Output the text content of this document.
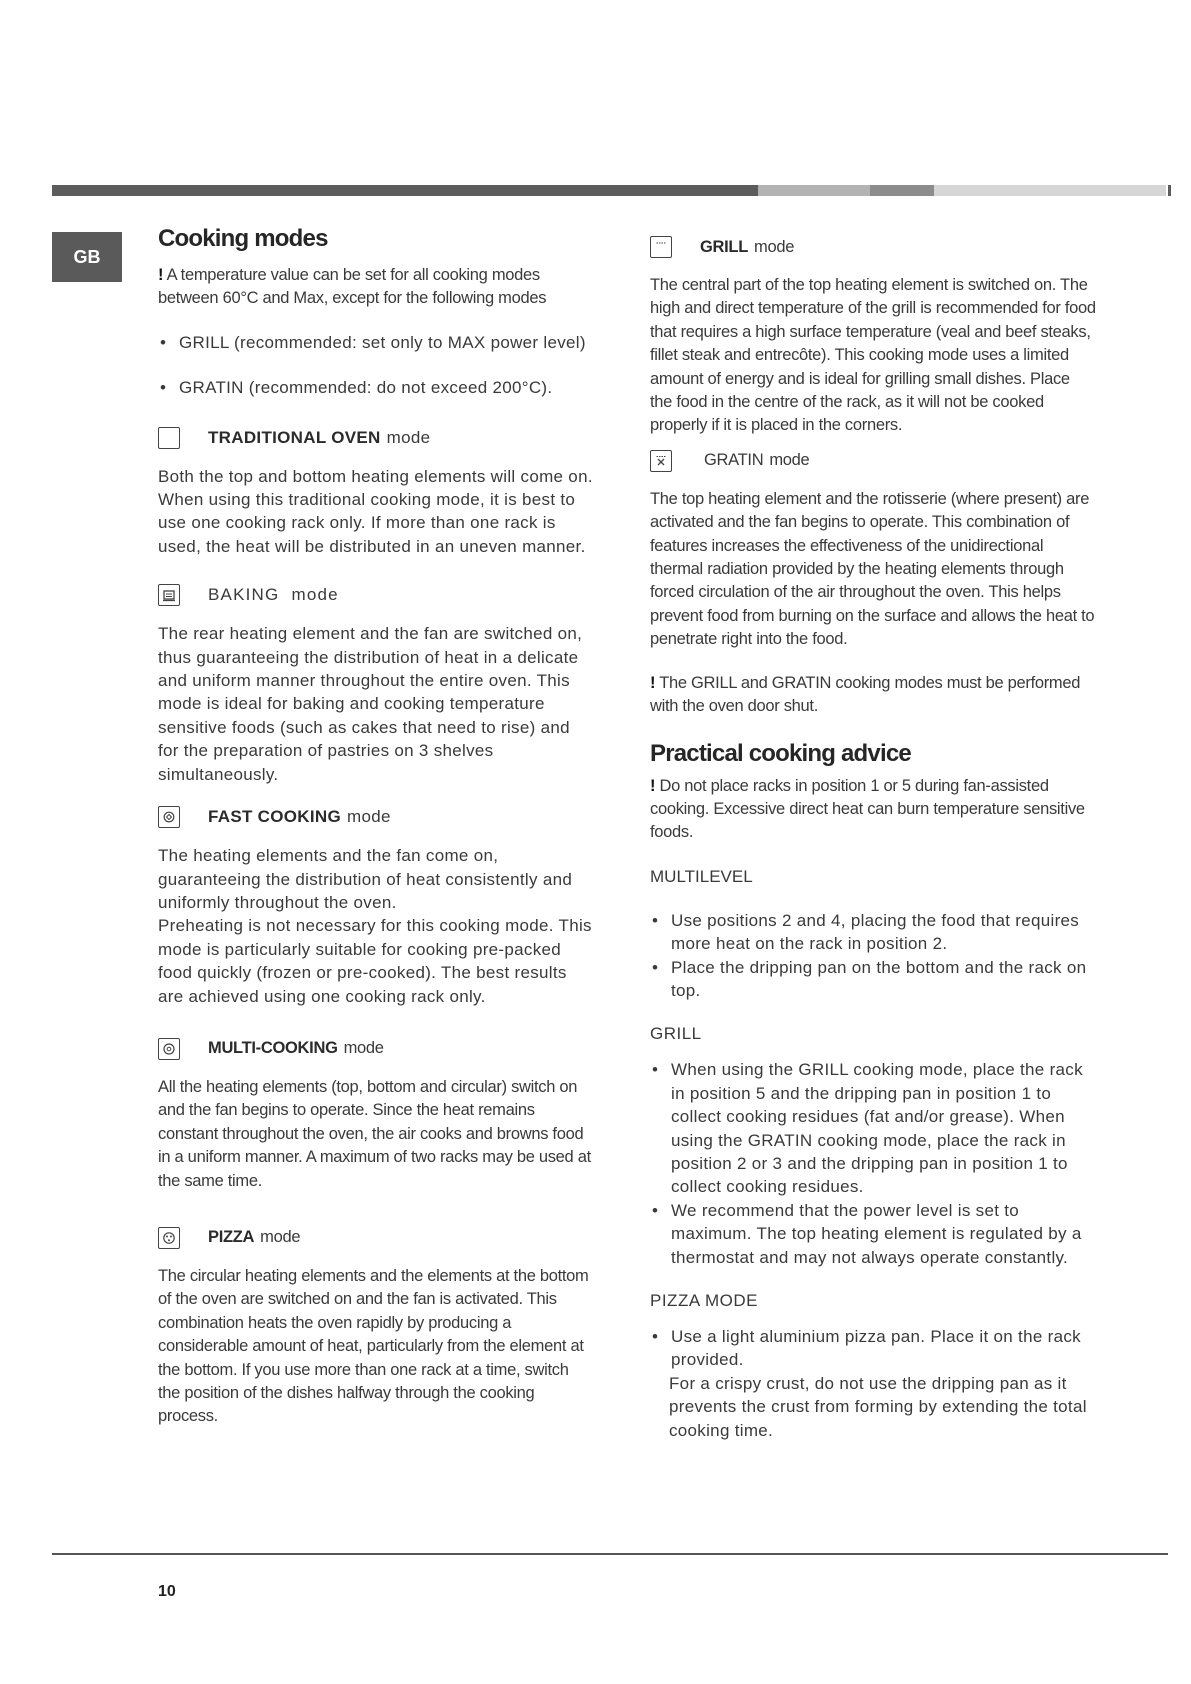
GB
Cooking modes

! A temperature value can be set for all cooking modes between 60°C and Max, except for the following modes

• GRILL (recommended: set only to MAX power level)
• GRATIN (recommended: do not exceed 200°C).
TRADITIONAL OVEN mode

Both the top and bottom heating elements will come on. When using this traditional cooking mode, it is best to use one cooking rack only. If more than one rack is used, the heat will be distributed in an uneven manner.

BAKING mode

The rear heating element and the fan are switched on, thus guaranteeing the distribution of heat in a delicate and uniform manner throughout the entire oven. This mode is ideal for baking and cooking temperature sensitive foods (such as cakes that need to rise) and for the preparation of pastries on 3 shelves simultaneously.

FAST COOKING mode

The heating elements and the fan come on, guaranteeing the distribution of heat consistently and uniformly throughout the oven.

Preheating is not necessary for this cooking mode. This mode is particularly suitable for cooking pre-packed food quickly (frozen or pre-cooked). The best results are achieved using one cooking rack only.

MULTI-COOKING mode

All the heating elements (top, bottom and circular) switch on and the fan begins to operate. Since the heat remains constant throughout the oven, the air cooks and browns food in a uniform manner. A maximum of two racks may be used at the same time.

PIZZA mode

The circular heating elements and the elements at the bottom of the oven are switched on and the fan is activated. This combination heats the oven rapidly by producing a considerable amount of heat, particularly from the element at the bottom. If you use more than one rack at a time, switch the position of the dishes halfway through the cooking process.

GRILL mode

The central part of the top heating element is switched on. The high and direct temperature of the grill is recommended for food that requires a high surface temperature (veal and beef steaks, fillet steak and entrecôte). This cooking mode uses a limited amount of energy and is ideal for grilling small dishes. Place the food in the centre of the rack, as it will not be cooked properly if it is placed in the corners.

GRATIN mode

The top heating element and the rotisserie (where present) are activated and the fan begins to operate. This combination of features increases the effectiveness of the unidirectional thermal radiation provided by the heating elements through forced circulation of the air throughout the oven. This helps prevent food from burning on the surface and allows the heat to penetrate right into the food.

! The GRILL and GRATIN cooking modes must be performed with the oven door shut.

Practical cooking advice

! Do not place racks in position 1 or 5 during fan-assisted cooking. Excessive direct heat can burn temperature sensitive foods.

MULTILEVEL
• Use positions 2 and 4, placing the food that requires more heat on the rack in position 2.
• Place the dripping pan on the bottom and the rack on top.
GRILL
• When using the GRILL cooking mode, place the rack in position 5 and the dripping pan in position 1 to collect cooking residues (fat and/or grease). When using the GRATIN cooking mode, place the rack in position 2 or 3 and the dripping pan in position 1 to collect cooking residues.
• We recommend that the power level is set to maximum. The top heating element is regulated by a thermostat and may not always operate constantly.
PIZZA MODE
• Use a light aluminium pizza pan. Place it on the rack provided.

For a crispy crust, do not use the dripping pan as it prevents the crust from forming by extending the total cooking time.

10
